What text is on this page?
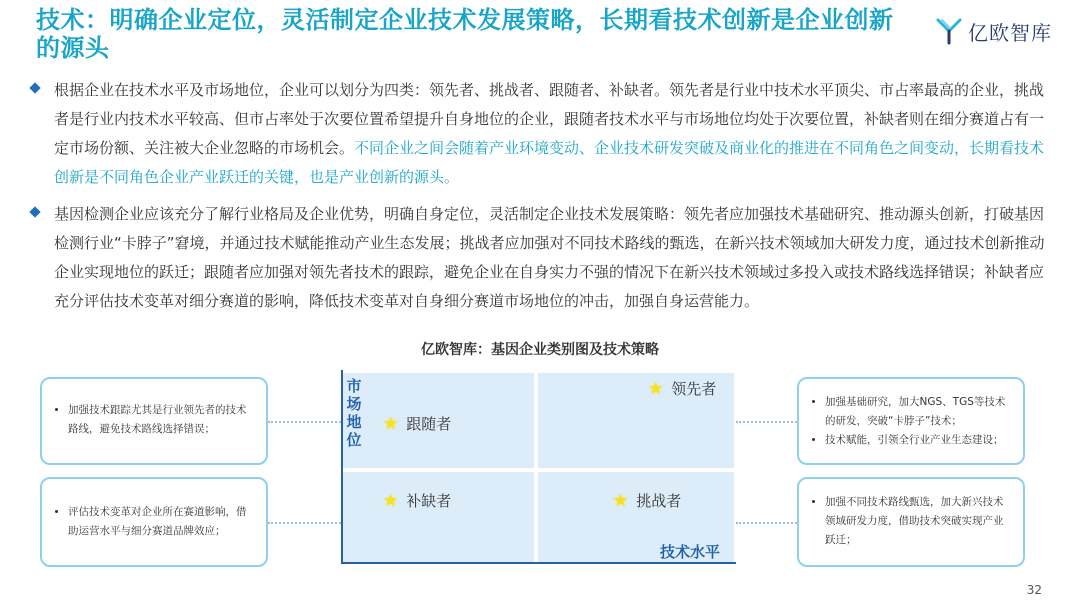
技术：明确企业定位，灵活制定企业技术发展策略，长期看技术创新是企业创新的源头
亿欧智库
根据企业在技术水平及市场地位，企业可以划分为四类：领先者、挑战者、跟随者、补缺者。领先者是行业中技术水平顶尖、市占率最高的企业，挑战者是行业内技术水平较高、但市占率处于次要位置希望提升自身地位的企业，跟随者技术水平与市场地位均处于次要位置，补缺者则在细分赛道占有一定市场份额、关注被大企业忽略的市场机会。不同企业之间会随着产业环境变动、企业技术研发突破及商业化的推进在不同角色之间变动，长期看技术创新是不同角色企业产业跃迁的关键，也是产业创新的源头。
基因检测企业应该充分了解行业格局及企业优势，明确自身定位，灵活制定企业技术发展策略：领先者应加强技术基础研究、推动源头创新，打破基因检测行业“卡脖子”窘境，并通过技术赋能推动产业生态发展；挑战者应加强对不同技术路线的甄选，在新兴技术领域加大研发力度，通过技术创新推动企业实现地位的跃迁；跟随者应加强对领先者技术的跟踪，避免企业在自身实力不强的情况下在新兴技术领域过多投入或技术路线选择错误；补缺者应充分评估技术变革对细分赛道的影响，降低技术变革对自身细分赛道市场地位的冲击，加强自身运营能力。
亿欧智库：基因企业类别图及技术策略
• 加强技术跟踪尤其是行业领先者的技术路线，避免技术路线选择错误；
• 评估技术变革对企业所在赛道影响，借助运营水平与细分赛道品牌效应；
• 加强基础研究，加大NGS、TGS等技术的研发，突破“卡脖子”技术；
• 技术赋能，引领全行业产业生态建设；
• 加强不同技术路线甄选，加大新兴技术领域研发力度，借助技术突破实现产业跃迁；
市场地位
技术水平
★ 领先者
★ 跟随者
★ 补缺者	★ 挑战者
32
